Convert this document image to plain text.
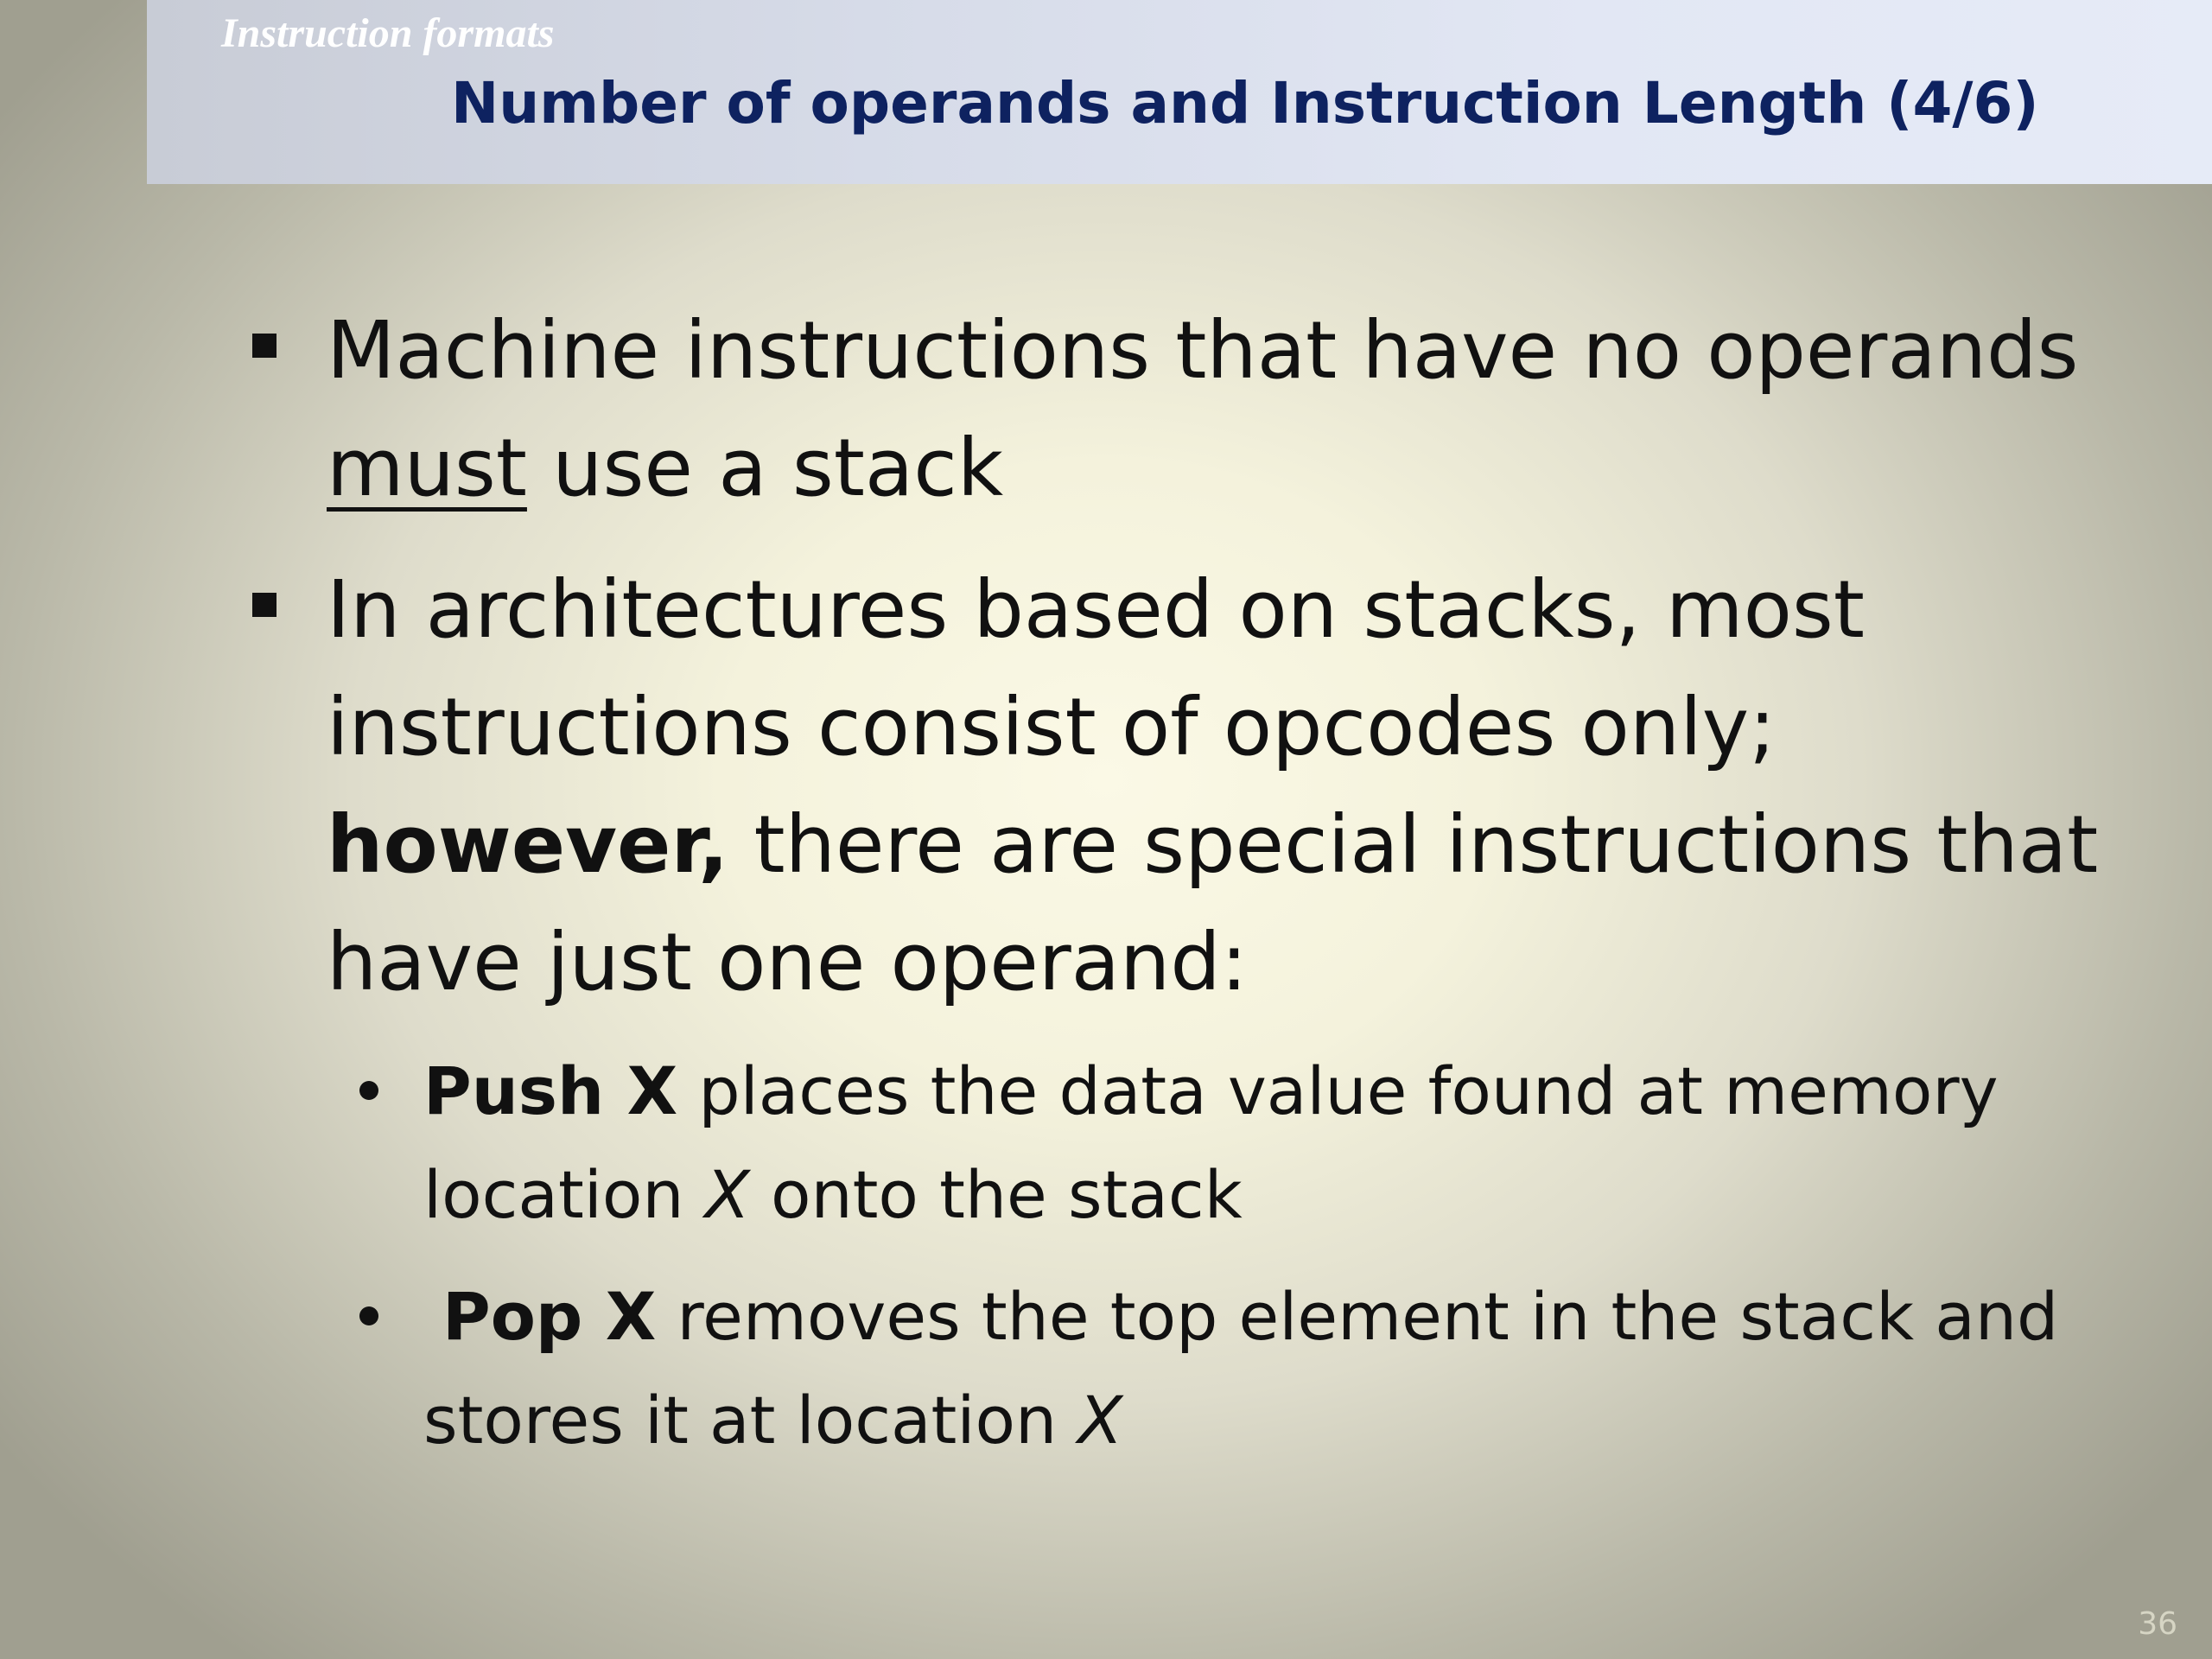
Instruction formats
Number of operands and Instruction Length (4/6)
Machine instructions that have no operands
must use a stack
In architectures based on stacks, most
instructions consist of opcodes only;
however, there are special instructions that
have just one operand:
Push X places the data value found at memory
location X onto the stack
Pop X removes the top element in the stack and
stores it at location X
36
